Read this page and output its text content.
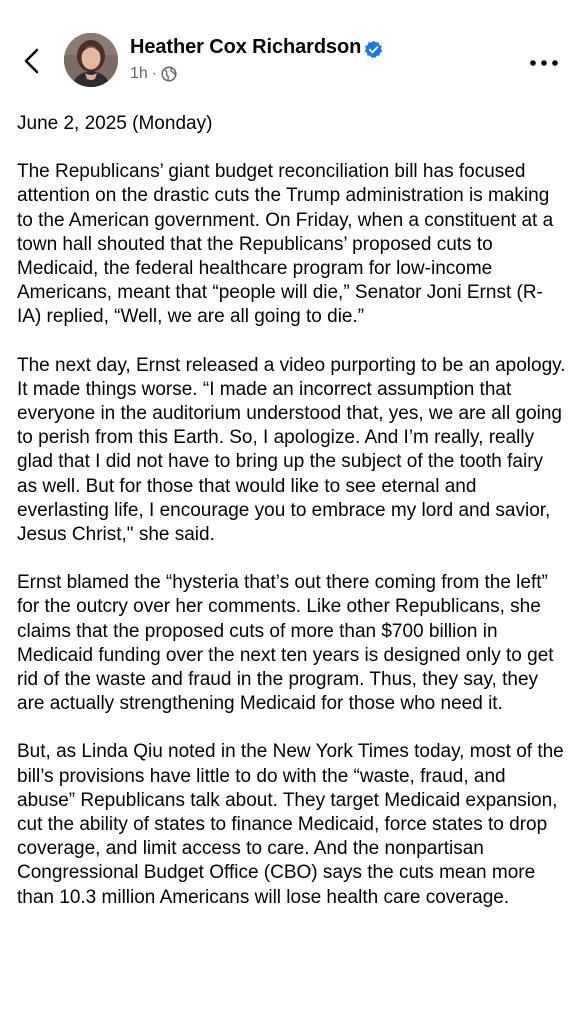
Heather Cox Richardson
1h ·

June 2, 2025 (Monday)

The Republicans’ giant budget reconciliation bill has focused attention on the drastic cuts the Trump administration is making to the American government. On Friday, when a constituent at a town hall shouted that the Republicans’ proposed cuts to Medicaid, the federal healthcare program for low-income Americans, meant that “people will die,” Senator Joni Ernst (R-IA) replied, “Well, we are all going to die.”

The next day, Ernst released a video purporting to be an apology. It made things worse. “I made an incorrect assumption that everyone in the auditorium understood that, yes, we are all going to perish from this Earth. So, I apologize. And I’m really, really glad that I did not have to bring up the subject of the tooth fairy as well. But for those that would like to see eternal and everlasting life, I encourage you to embrace my lord and savior, Jesus Christ," she said.

Ernst blamed the “hysteria that’s out there coming from the left” for the outcry over her comments. Like other Republicans, she claims that the proposed cuts of more than $700 billion in Medicaid funding over the next ten years is designed only to get rid of the waste and fraud in the program. Thus, they say, they are actually strengthening Medicaid for those who need it.

But, as Linda Qiu noted in the New York Times today, most of the bill’s provisions have little to do with the “waste, fraud, and abuse” Republicans talk about. They target Medicaid expansion, cut the ability of states to finance Medicaid, force states to drop coverage, and limit access to care. And the nonpartisan Congressional Budget Office (CBO) says the cuts mean more than 10.3 million Americans will lose health care coverage.
